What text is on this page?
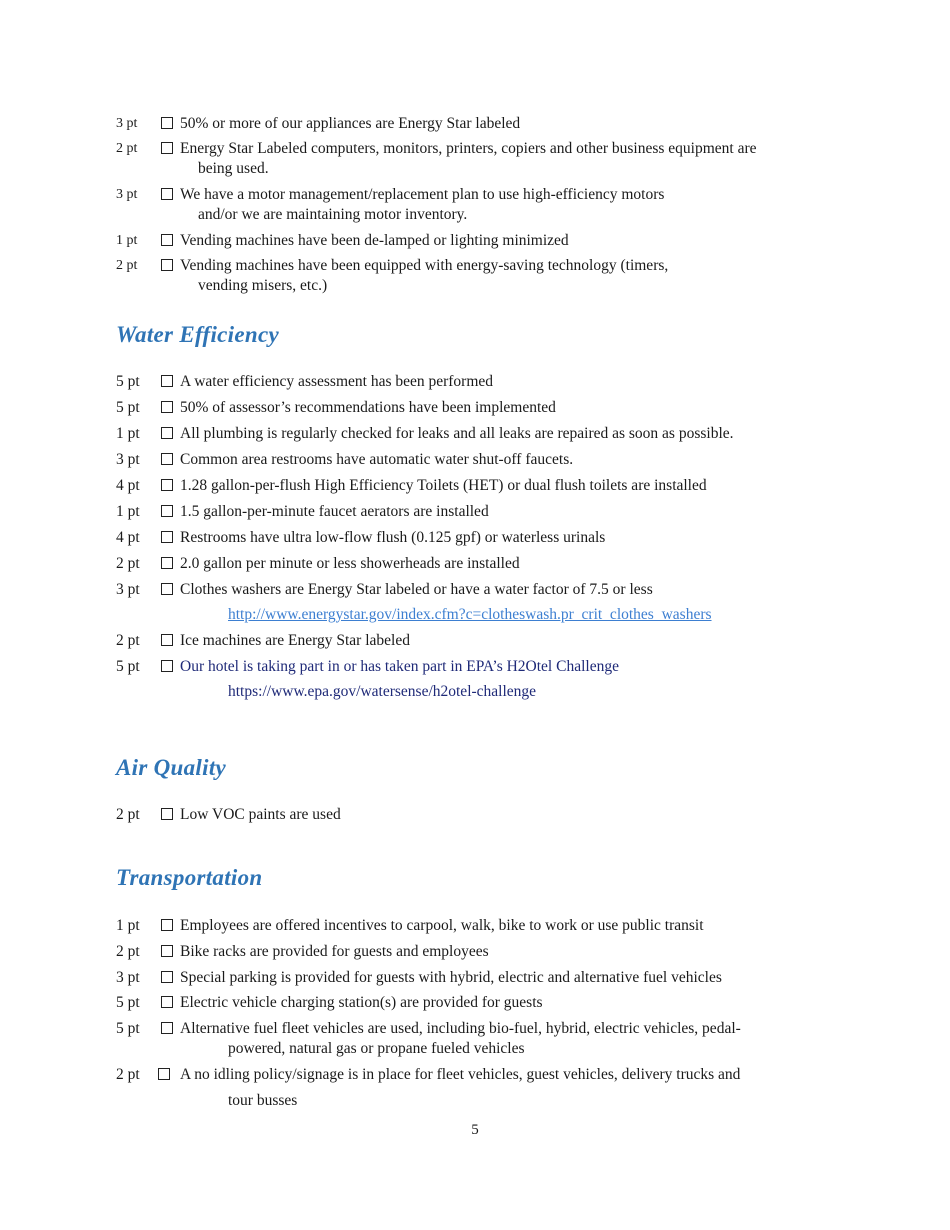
3 pt	50% or more of our appliances are Energy Star labeled
2 pt	Energy Star Labeled computers, monitors, printers, copiers and other business equipment are
being used.
3 pt	We have a motor management/replacement plan to use high-efficiency motors
and/or we are maintaining motor inventory.
1 pt	Vending machines have been de-lamped or lighting minimized
2 pt	Vending machines have been equipped with energy-saving technology (timers,
vending misers, etc.)
Water Efficiency
5 pt	A water efficiency assessment has been performed
5 pt	50% of assessor’s recommendations have been implemented
1 pt	All plumbing is regularly checked for leaks and all leaks are repaired as soon as possible.
3 pt	Common area restrooms have automatic water shut-off faucets.
4 pt	1.28 gallon-per-flush High Efficiency Toilets (HET) or dual flush toilets are installed
1 pt	1.5 gallon-per-minute faucet aerators are installed
4 pt	Restrooms have ultra low-flow flush (0.125 gpf) or waterless urinals
2 pt	2.0 gallon per minute or less showerheads are installed
3 pt	Clothes washers are Energy Star labeled or have a water factor of 7.5 or less
http://www.energystar.gov/index.cfm?c=clotheswash.pr_crit_clothes_washers
2 pt	Ice machines are Energy Star labeled
5 pt	Our hotel is taking part in or has taken part in EPA’s H2Otel Challenge
https://www.epa.gov/watersense/h2otel-challenge
Air Quality
2 pt	Low VOC paints are used
Transportation
1 pt	Employees are offered incentives to carpool, walk, bike to work or use public transit
2 pt	Bike racks are provided for guests and employees
3 pt	Special parking is provided for guests with hybrid, electric and alternative fuel vehicles
5 pt	Electric vehicle charging station(s) are provided for guests
5 pt	Alternative fuel fleet vehicles are used, including bio-fuel, hybrid, electric vehicles, pedal-
powered, natural gas or propane fueled vehicles
2 pt	A no idling policy/signage is in place for fleet vehicles, guest vehicles, delivery trucks and
tour busses
5
